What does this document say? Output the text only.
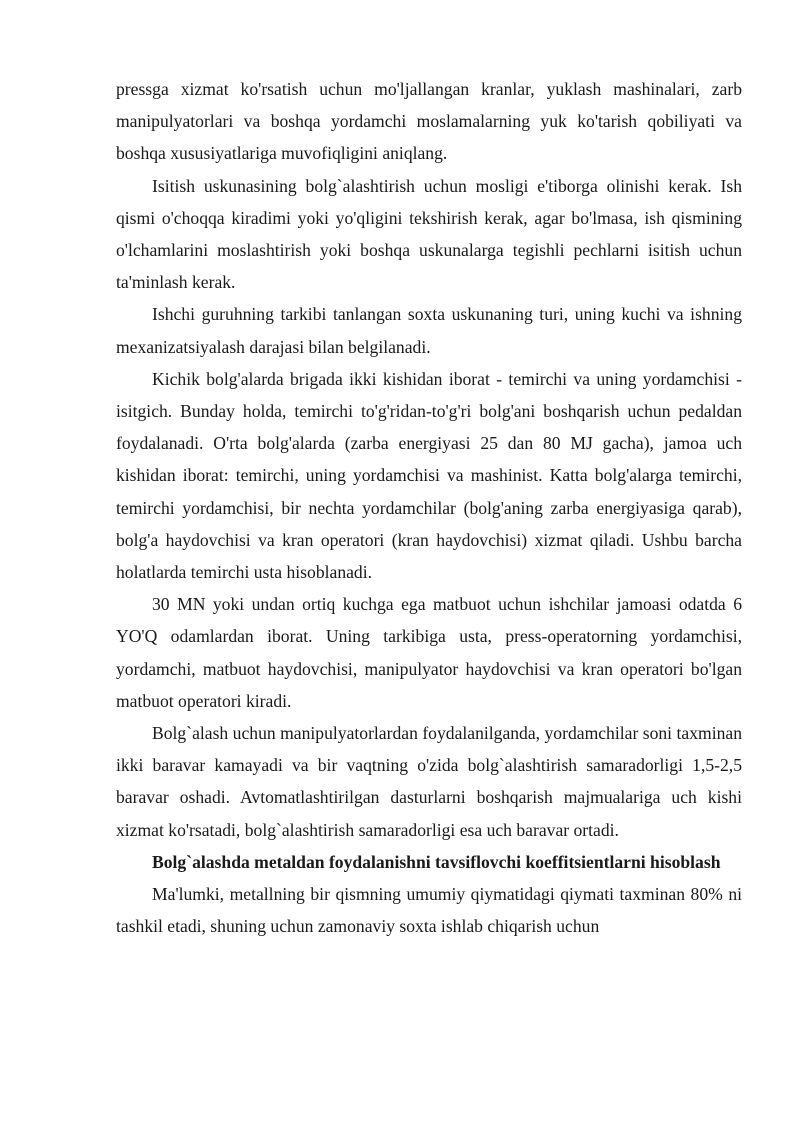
pressga xizmat ko'rsatish uchun mo'ljallangan kranlar, yuklash mashinalari, zarb manipulyatorlari va boshqa yordamchi moslamalarning yuk ko'tarish qobiliyati va boshqa xususiyatlariga muvofiqligini aniqlang.

Isitish uskunasining bolg`alashtirish uchun mosligi e'tiborga olinishi kerak. Ish qismi o'choqqa kiradimi yoki yo'qligini tekshirish kerak, agar bo'lmasa, ish qismining o'lchamlarini moslashtirish yoki boshqa uskunalarga tegishli pechlarni isitish uchun ta'minlash kerak.

Ishchi guruhning tarkibi tanlangan soxta uskunaning turi, uning kuchi va ishning mexanizatsiyalash darajasi bilan belgilanadi.

Kichik bolg'alarda brigada ikki kishidan iborat - temirchi va uning yordamchisi - isitgich. Bunday holda, temirchi to'g'ridan-to'g'ri bolg'ani boshqarish uchun pedaldan foydalanadi. O'rta bolg'alarda (zarba energiyasi 25 dan 80 MJ gacha), jamoa uch kishidan iborat: temirchi, uning yordamchisi va mashinist. Katta bolg'alarga temirchi, temirchi yordamchisi, bir nechta yordamchilar (bolg'aning zarba energiyasiga qarab), bolg'a haydovchisi va kran operatori (kran haydovchisi) xizmat qiladi. Ushbu barcha holatlarda temirchi usta hisoblanadi.

30 MN yoki undan ortiq kuchga ega matbuot uchun ishchilar jamoasi odatda 6 YO'Q odamlardan iborat. Uning tarkibiga usta, press-operatorning yordamchisi, yordamchi, matbuot haydovchisi, manipulyator haydovchisi va kran operatori bo'lgan matbuot operatori kiradi.

Bolg`alash uchun manipulyatorlardan foydalanilganda, yordamchilar soni taxminan ikki baravar kamayadi va bir vaqtning o'zida bolg`alashtirish samaradorligi 1,5-2,5 baravar oshadi. Avtomatlashtirilgan dasturlarni boshqarish majmualariga uch kishi xizmat ko'rsatadi, bolg`alashtirish samaradorligi esa uch baravar ortadi.

Bolg`alashda metaldan foydalanishni tavsiflovchi koeffitsientlarni hisoblash

Ma'lumki, metallning bir qismning umumiy qiymatidagi qiymati taxminan 80% ni tashkil etadi, shuning uchun zamonaviy soxta ishlab chiqarish uchun
